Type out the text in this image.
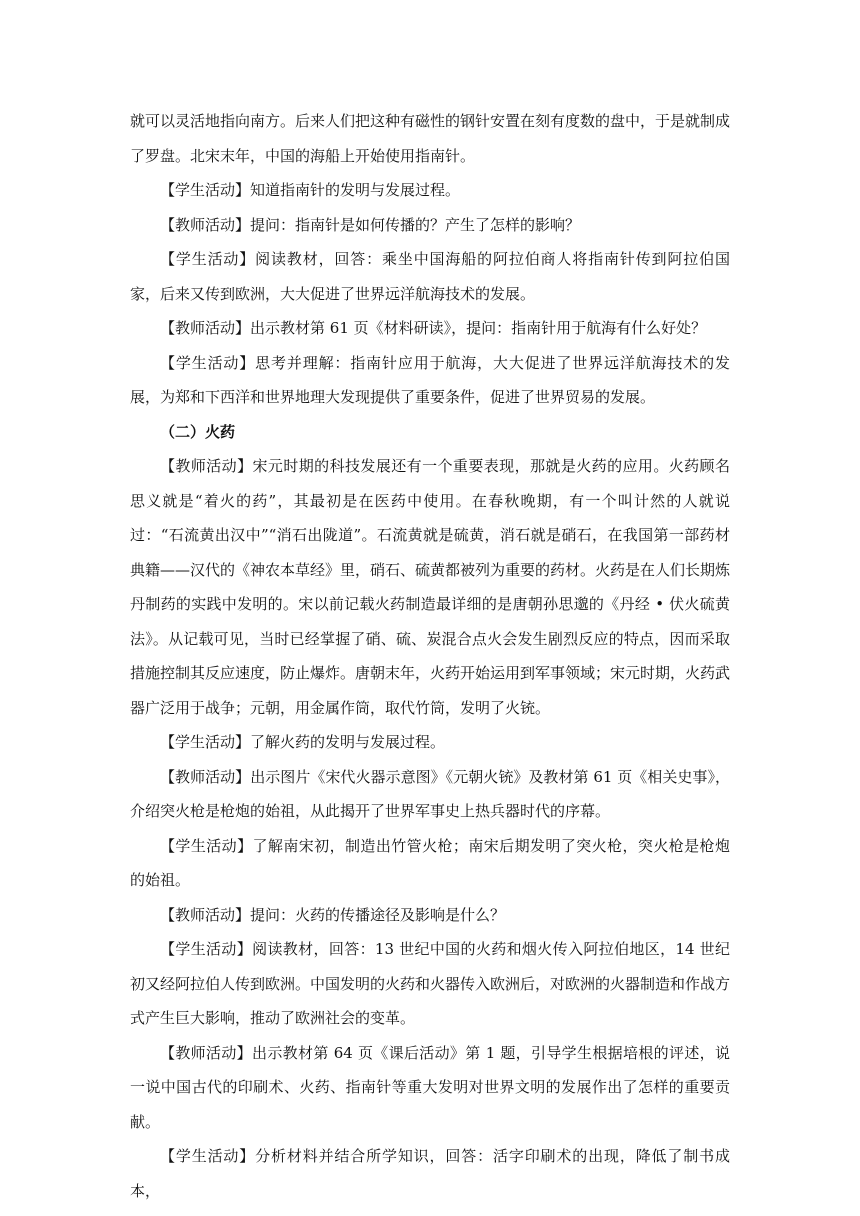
就可以灵活地指向南方。后来人们把这种有磁性的钢针安置在刻有度数的盘中，于是就制成了罗盘。北宋末年，中国的海船上开始使用指南针。

【学生活动】知道指南针的发明与发展过程。

【教师活动】提问：指南针是如何传播的？产生了怎样的影响？

【学生活动】阅读教材，回答：乘坐中国海船的阿拉伯商人将指南针传到阿拉伯国家，后来又传到欧洲，大大促进了世界远洋航海技术的发展。

【教师活动】出示教材第 61 页《材料研读》，提问：指南针用于航海有什么好处？

【学生活动】思考并理解：指南针应用于航海，大大促进了世界远洋航海技术的发展，为郑和下西洋和世界地理大发现提供了重要条件，促进了世界贸易的发展。

（二）火药

【教师活动】宋元时期的科技发展还有一个重要表现，那就是火药的应用。火药顾名思义就是“着火的药”，其最初是在医药中使用。在春秋晚期，有一个叫计然的人就说过：“石流黄出汉中”“消石出陇道”。石流黄就是硫黄，消石就是硝石，在我国第一部药材典籍——汉代的《神农本草经》里，硝石、硫黄都被列为重要的药材。火药是在人们长期炼丹制药的实践中发明的。宋以前记载火药制造最详细的是唐朝孙思邈的《丹经 • 伏火硫黄法》。从记载可见，当时已经掌握了硝、硫、炭混合点火会发生剧烈反应的特点，因而采取措施控制其反应速度，防止爆炸。唐朝末年，火药开始运用到军事领域；宋元时期，火药武器广泛用于战争；元朝，用金属作筒，取代竹筒，发明了火铳。

【学生活动】了解火药的发明与发展过程。

【教师活动】出示图片《宋代火器示意图》《元朝火铳》及教材第 61 页《相关史事》，介绍突火枪是枪炮的始祖，从此揭开了世界军事史上热兵器时代的序幕。

【学生活动】了解南宋初，制造出竹管火枪；南宋后期发明了突火枪，突火枪是枪炮的始祖。

【教师活动】提问：火药的传播途径及影响是什么？

【学生活动】阅读教材，回答：13 世纪中国的火药和烟火传入阿拉伯地区，14 世纪初又经阿拉伯人传到欧洲。中国发明的火药和火器传入欧洲后，对欧洲的火器制造和作战方式产生巨大影响，推动了欧洲社会的变革。

【教师活动】出示教材第 64 页《课后活动》第 1 题，引导学生根据培根的评述，说一说中国古代的印刷术、火药、指南针等重大发明对世界文明的发展作出了怎样的重要贡献。

【学生活动】分析材料并结合所学知识，回答：活字印刷术的出现，降低了制书成本，
